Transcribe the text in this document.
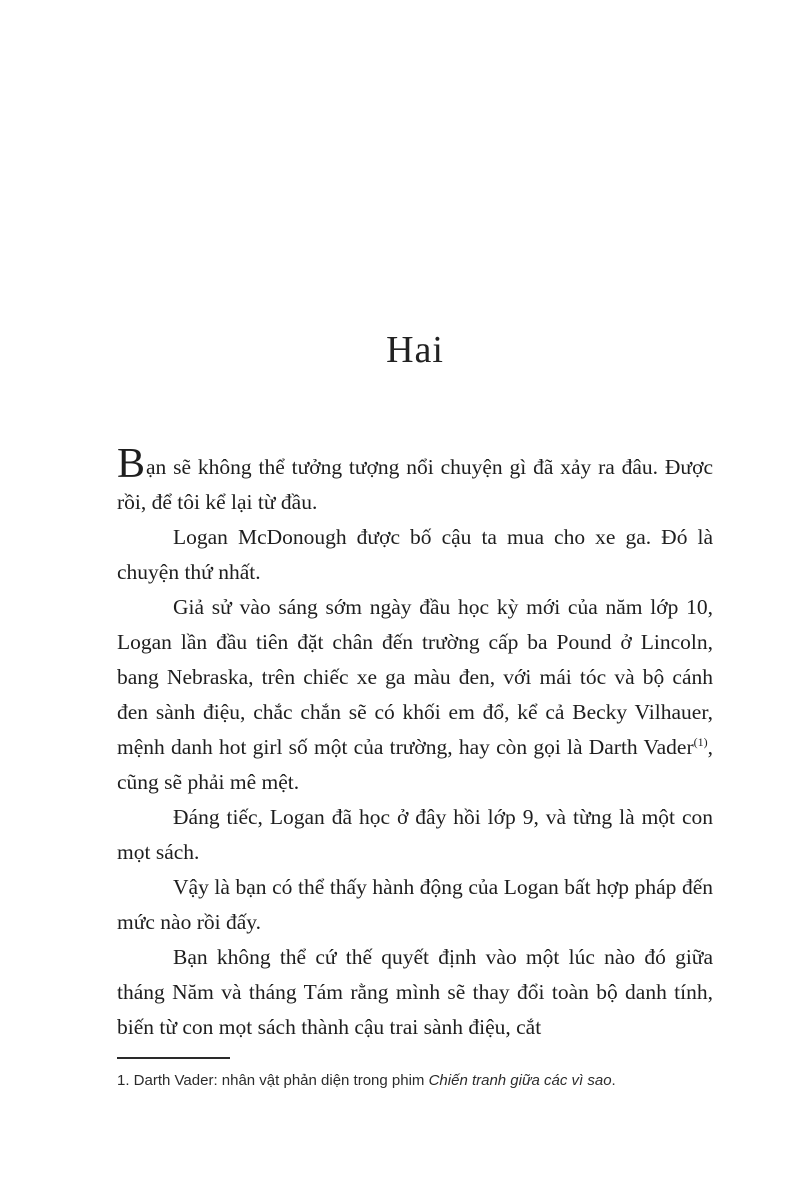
Hai

Bạn sẽ không thể tưởng tượng nổi chuyện gì đã xảy ra đâu. Được rồi, để tôi kể lại từ đầu.

Logan McDonough được bố cậu ta mua cho xe ga. Đó là chuyện thứ nhất.

Giả sử vào sáng sớm ngày đầu học kỳ mới của năm lớp 10, Logan lần đầu tiên đặt chân đến trường cấp ba Pound ở Lincoln, bang Nebraska, trên chiếc xe ga màu đen, với mái tóc và bộ cánh đen sành điệu, chắc chắn sẽ có khối em đổ, kể cả Becky Vilhauer, mệnh danh hot girl số một của trường, hay còn gọi là Darth Vader$^{(1)}$, cũng sẽ phải mê mệt.

Đáng tiếc, Logan đã học ở đây hồi lớp 9, và từng là một con mọt sách.

Vậy là bạn có thể thấy hành động của Logan bất hợp pháp đến mức nào rồi đấy.

Bạn không thể cứ thế quyết định vào một lúc nào đó giữa tháng Năm và tháng Tám rằng mình sẽ thay đổi toàn bộ danh tính, biến từ con mọt sách thành cậu trai sành điệu, cắt

1. Darth Vader: nhân vật phản diện trong phim Chiến tranh giữa các vì sao.
